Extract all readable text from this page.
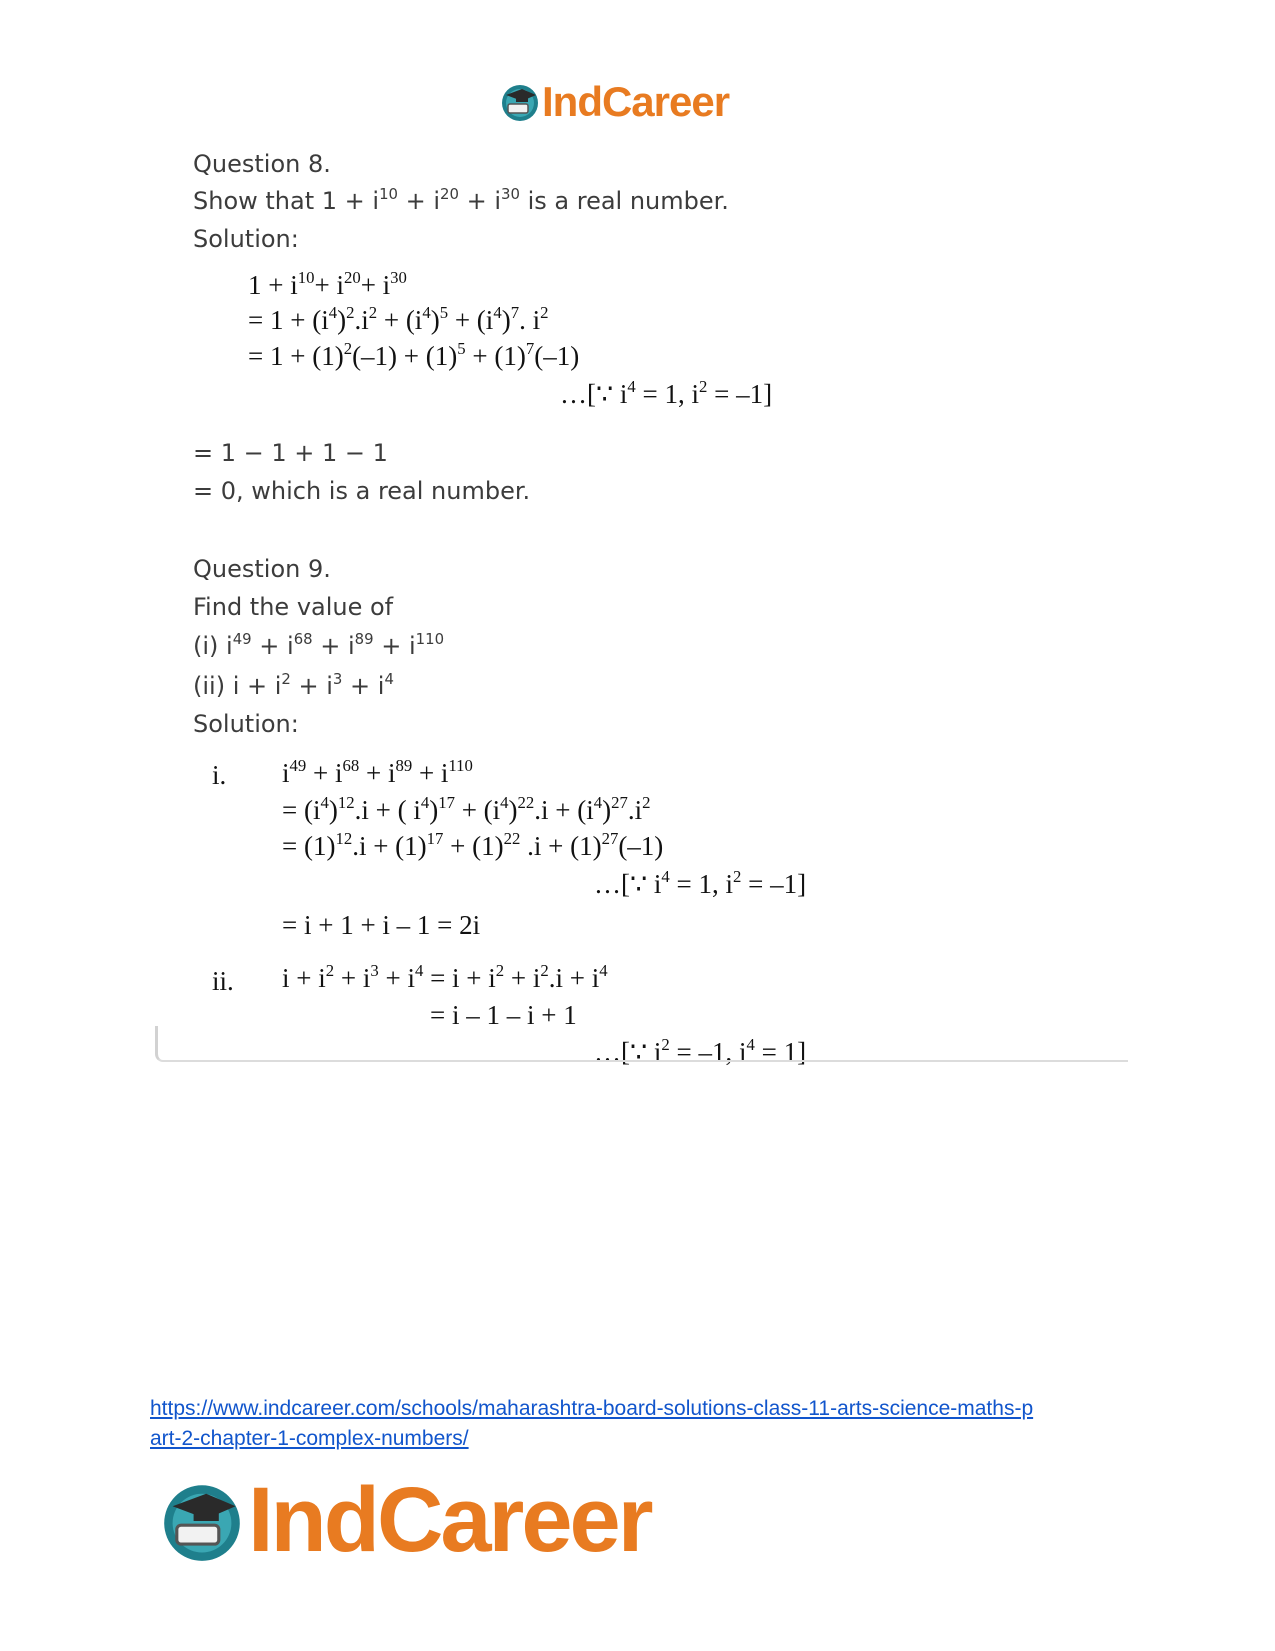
IndCareer
Question 8.
Show that $1 + i^{10} + i^{20} + i^{30}$ is a real number.
Solution:
$1 + i^{10}+ i^{20}+ i^{30}$
= $1 + (i^4)^2.i^2 + (i^4)^5 + (i^4)^7$. $i^2$
= $1 + (1)^2(-1) + (1)^5 + (1)^7(-1)$
…[∵ $i^4 = 1$, $i^2 = -1$]
= 1 − 1 + 1 − 1
= 0, which is a real number.
Question 9.
Find the value of
(i) $i^{49} + i^{68} + i^{89} + i^{110}$
(ii) $i + i^2 + i^3 + i^4$
Solution:
i. $i^{49} + i^{68} + i^{89} + i^{110}$
= $(i^4)^{12}.i$ + ( $i^4)^{17} + (i^4)^{22}.i + (i^4)^{27}.i^2$
= $(1)^{12}.i + (1)^{17} + (1)^{22}$ $.i + (1)^{27}(-1)$
…[∵ $i^4 = 1$, $i^2 = -1$]
= i + 1 + i – 1 = 2i
ii. $i + i^2 + i^3 + i^4 = i + i^2 + i^2.i + i^4$
= i – 1 – i + 1
…[∵ $i^2 = -1$, $i^4 = 1$]
https://www.indcareer.com/schools/maharashtra-board-solutions-class-11-arts-science-maths-p
art-2-chapter-1-complex-numbers/
IndCareer
